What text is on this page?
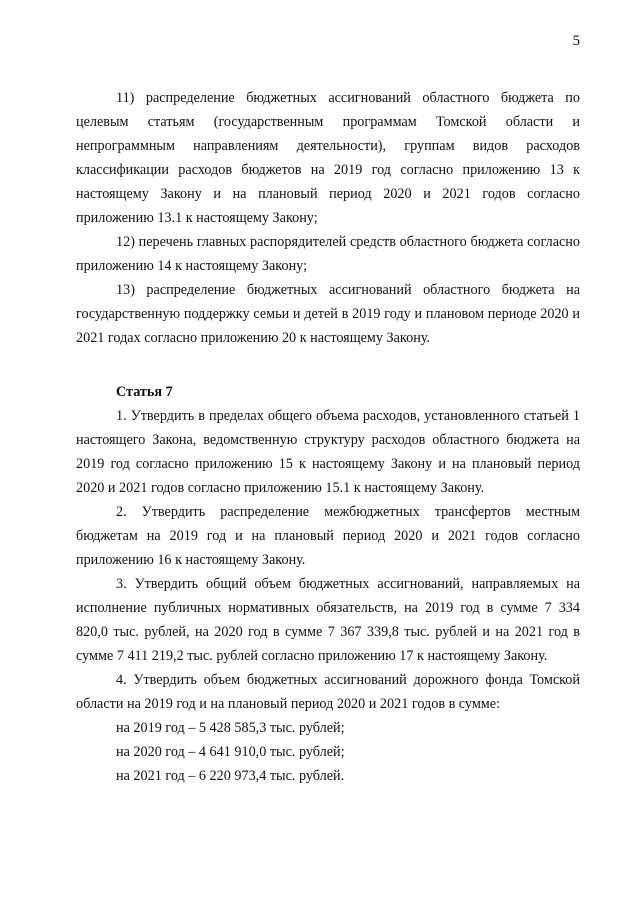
5

11) распределение бюджетных ассигнований областного бюджета по целевым статьям (государственным программам Томской области и непрограммным направлениям деятельности), группам видов расходов классификации расходов бюджетов на 2019 год согласно приложению 13 к настоящему Закону и на плановый период 2020 и 2021 годов согласно приложению 13.1 к настоящему Закону;

12) перечень главных распорядителей средств областного бюджета согласно приложению 14 к настоящему Закону;

13) распределение бюджетных ассигнований областного бюджета на государственную поддержку семьи и детей в 2019 году и плановом периоде 2020 и 2021 годах согласно приложению 20 к настоящему Закону.

Статья 7

1. Утвердить в пределах общего объема расходов, установленного статьей 1 настоящего Закона, ведомственную структуру расходов областного бюджета на 2019 год согласно приложению 15 к настоящему Закону и на плановый период 2020 и 2021 годов согласно приложению 15.1 к настоящему Закону.

2. Утвердить распределение межбюджетных трансфертов местным бюджетам на 2019 год и на плановый период 2020 и 2021 годов согласно приложению 16 к настоящему Закону.

3. Утвердить общий объем бюджетных ассигнований, направляемых на исполнение публичных нормативных обязательств, на 2019 год в сумме 7 334 820,0 тыс. рублей, на 2020 год в сумме 7 367 339,8 тыс. рублей и на 2021 год в сумме 7 411 219,2 тыс. рублей согласно приложению 17 к настоящему Закону.

4. Утвердить объем бюджетных ассигнований дорожного фонда Томской области на 2019 год и на плановый период 2020 и 2021 годов в сумме:

на 2019 год – 5 428 585,3 тыс. рублей;

на 2020 год – 4 641 910,0 тыс. рублей;

на 2021 год – 6 220 973,4 тыс. рублей.
